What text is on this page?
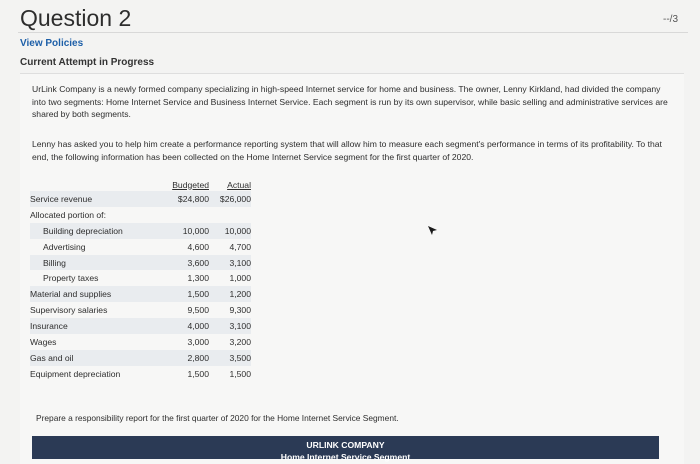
Question 2	--/3
View Policies
Current Attempt in Progress
UrLink Company is a newly formed company specializing in high-speed Internet service for home and business. The owner, Lenny Kirkland, had divided the company into two segments: Home Internet Service and Business Internet Service. Each segment is run by its own supervisor, while basic selling and administrative services are shared by both segments.
Lenny has asked you to help him create a performance reporting system that will allow him to measure each segment's performance in terms of its profitability. To that end, the following information has been collected on the Home Internet Service segment for the first quarter of 2020.
	Budgeted	Actual
Service revenue	$24,800	$26,000
Allocated portion of:		
Building depreciation	10,000	10,000
Advertising	4,600	4,700
Billing	3,600	3,100
Property taxes	1,300	1,000
Material and supplies	1,500	1,200
Supervisory salaries	9,500	9,300
Insurance	4,000	3,100
Wages	3,000	3,200
Gas and oil	2,800	3,500
Equipment depreciation	1,500	1,500
Prepare a responsibility report for the first quarter of 2020 for the Home Internet Service Segment.
URLINK COMPANY
Home Internet Service Segment
